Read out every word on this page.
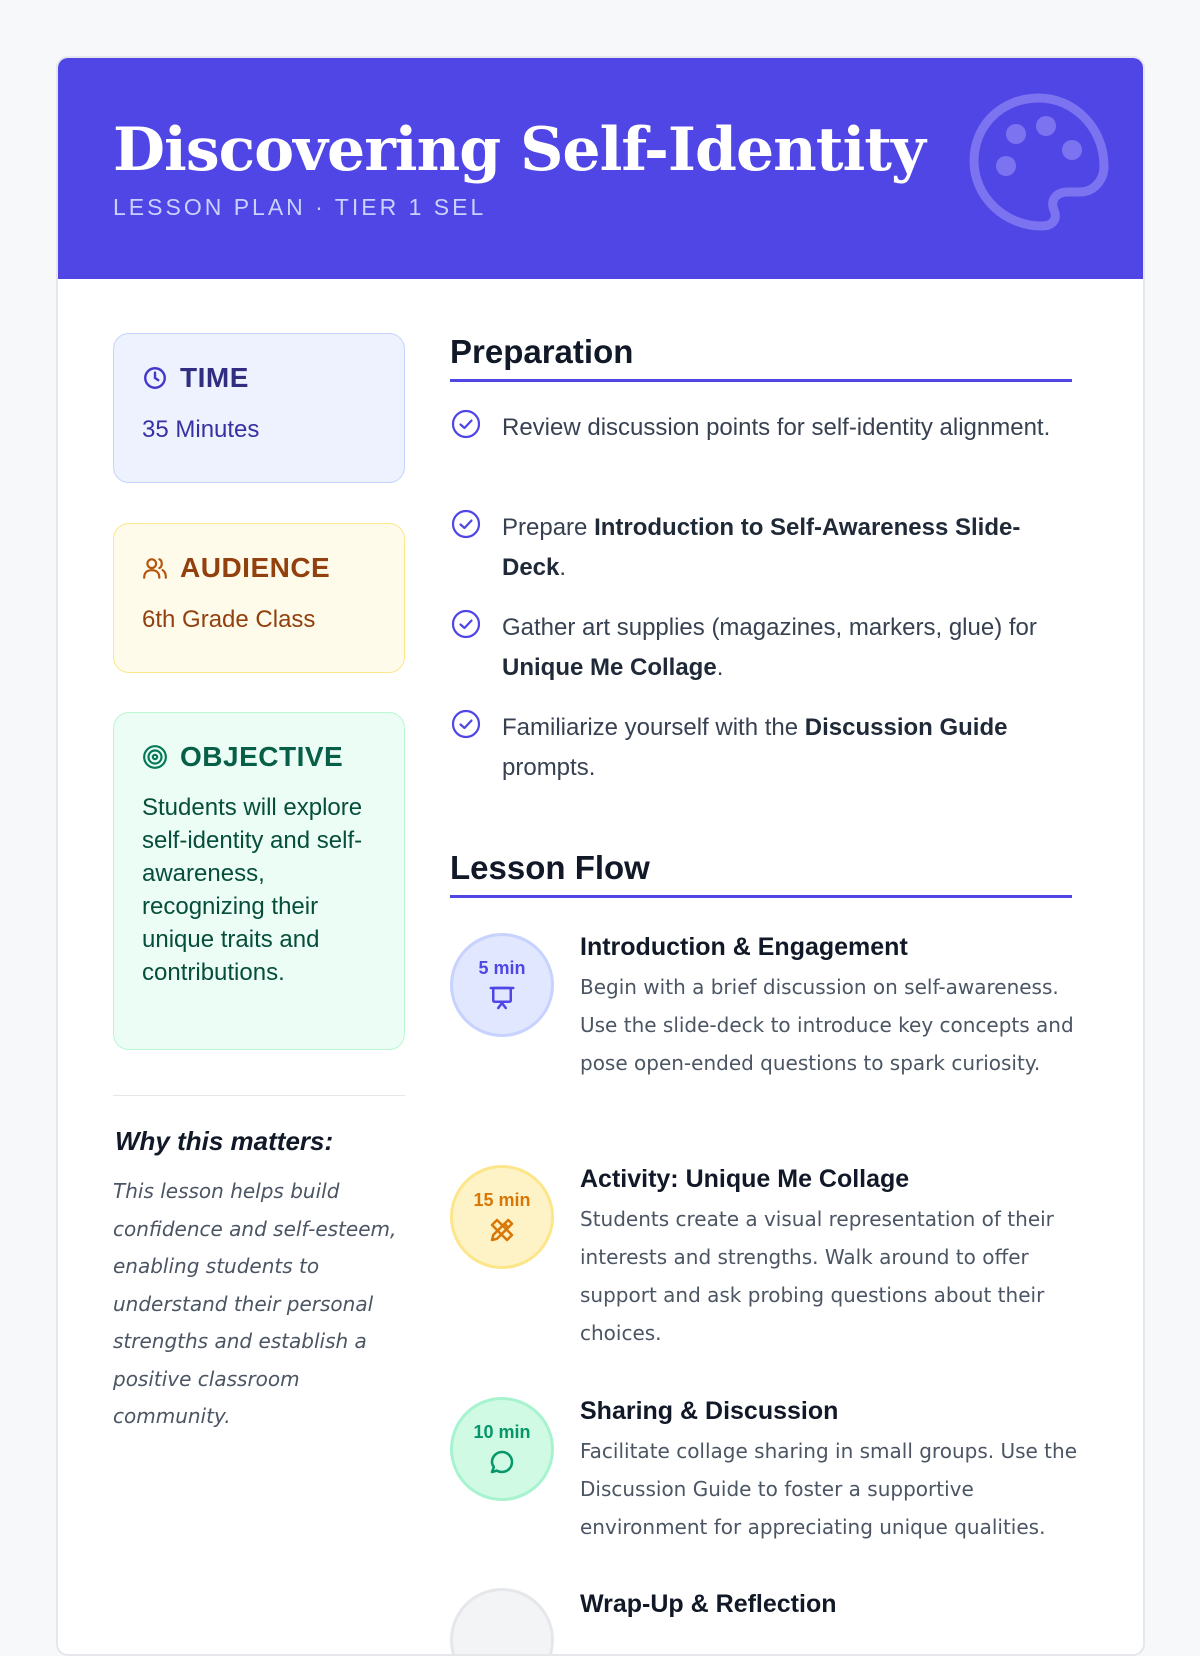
Discovering Self-Identity
LESSON PLAN · TIER 1 SEL
TIME
35 Minutes
AUDIENCE
6th Grade Class
OBJECTIVE
Students will explore self-identity and self-awareness, recognizing their unique traits and contributions.
Why this matters:
This lesson helps build confidence and self-esteem, enabling students to understand their personal strengths and establish a positive classroom community.
Preparation
Review discussion points for self-identity alignment.
Prepare Introduction to Self-Awareness Slide-Deck.
Gather art supplies (magazines, markers, glue) for Unique Me Collage.
Familiarize yourself with the Discussion Guide prompts.
Lesson Flow
5 min
Introduction & Engagement
Begin with a brief discussion on self-awareness. Use the slide-deck to introduce key concepts and pose open-ended questions to spark curiosity.
15 min
Activity: Unique Me Collage
Students create a visual representation of their interests and strengths. Walk around to offer support and ask probing questions about their choices.
10 min
Sharing & Discussion
Facilitate collage sharing in small groups. Use the Discussion Guide to foster a supportive environment for appreciating unique qualities.
Wrap-Up & Reflection
